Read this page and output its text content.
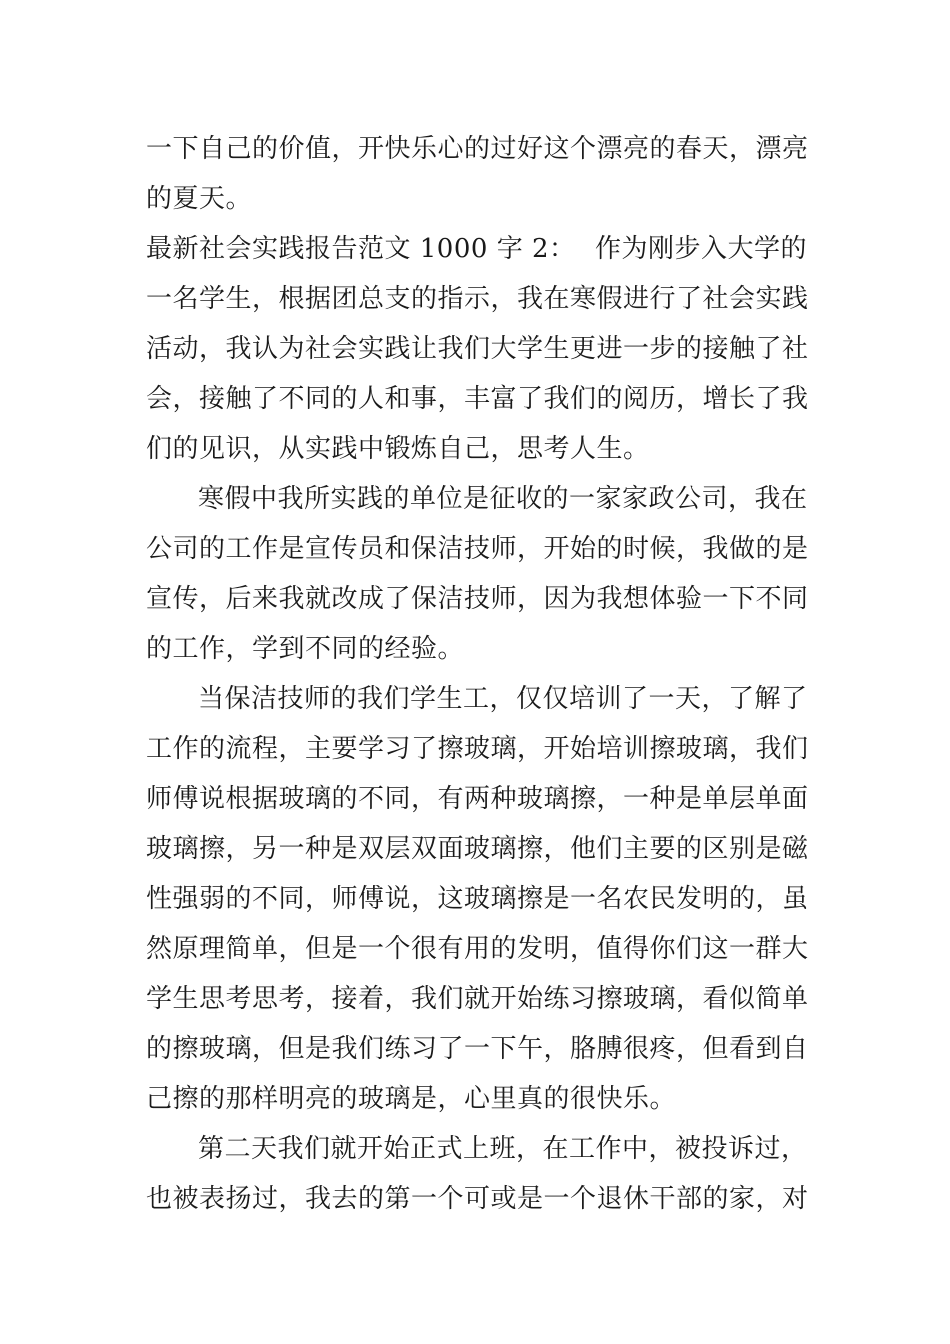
一下自己的价值，开快乐心的过好这个漂亮的春天，漂亮
的夏天。
最新社会实践报告范文 1000 字 2： 作为刚步入大学的
一名学生，根据团总支的指示，我在寒假进行了社会实践
活动，我认为社会实践让我们大学生更进一步的接触了社
会，接触了不同的人和事，丰富了我们的阅历，增长了我
们的见识，从实践中锻炼自己，思考人生。
寒假中我所实践的单位是征收的一家家政公司，我在
公司的工作是宣传员和保洁技师，开始的时候，我做的是
宣传，后来我就改成了保洁技师，因为我想体验一下不同
的工作，学到不同的经验。
当保洁技师的我们学生工，仅仅培训了一天，了解了
工作的流程，主要学习了擦玻璃，开始培训擦玻璃，我们
师傅说根据玻璃的不同，有两种玻璃擦，一种是单层单面
玻璃擦，另一种是双层双面玻璃擦，他们主要的区别是磁
性强弱的不同，师傅说，这玻璃擦是一名农民发明的，虽
然原理简单，但是一个很有用的发明，值得你们这一群大
学生思考思考，接着，我们就开始练习擦玻璃，看似简单
的擦玻璃，但是我们练习了一下午，胳膊很疼，但看到自
己擦的那样明亮的玻璃是，心里真的很快乐。
第二天我们就开始正式上班，在工作中，被投诉过，
也被表扬过，我去的第一个可或是一个退休干部的家，对
